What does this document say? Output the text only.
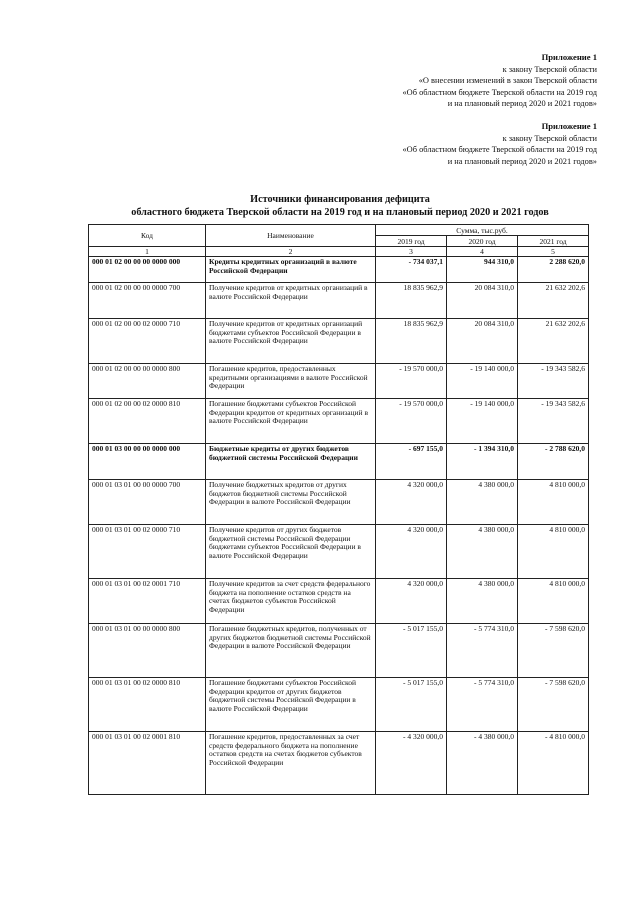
Приложение 1
к закону Тверской области
«О внесении изменений в закон Тверской области
«Об областном бюджете Тверской области на 2019 год
и на плановый период 2020 и 2021 годов»
Приложение 1
к закону Тверской области
«Об областном бюджете Тверской области на 2019 год
и на плановый период 2020 и 2021 годов»
Источники финансирования дефицита
областного бюджета Тверской области на 2019 год и на плановый период 2020 и 2021 годов
Код	Наименование	Сумма, тыс.руб.		
		2019 год	2020 год	2021 год
1	2	3	4	5
000 01 02 00 00 00 0000 000	Кредиты кредитных организаций в валюте Российской Федерации	- 734 037,1	944 310,0	2 288 620,0
000 01 02 00 00 00 0000 700	Получение кредитов от кредитных организаций в валюте Российской Федерации	18 835 962,9	20 084 310,0	21 632 202,6
000 01 02 00 00 02 0000 710	Получение кредитов от кредитных организаций бюджетами субъектов Российской Федерации в валюте Российской Федерации	18 835 962,9	20 084 310,0	21 632 202,6
000 01 02 00 00 00 0000 800	Погашение кредитов, предоставленных кредитными организациями в валюте Российской Федерации	- 19 570 000,0	- 19 140 000,0	- 19 343 582,6
000 01 02 00 00 02 0000 810	Погашение бюджетами субъектов Российской Федерации кредитов от кредитных организаций в валюте Российской Федерации	- 19 570 000,0	- 19 140 000,0	- 19 343 582,6
000 01 03 00 00 00 0000 000	Бюджетные кредиты от других бюджетов бюджетной системы Российской Федерации	- 697 155,0	- 1 394 310,0	- 2 788 620,0
000 01 03 01 00 00 0000 700	Получение бюджетных кредитов от других бюджетов бюджетной системы Российской Федерации в валюте Российской Федерации	4 320 000,0	4 380 000,0	4 810 000,0
000 01 03 01 00 02 0000 710	Получение кредитов от других бюджетов бюджетной системы Российской Федерации бюджетами субъектов Российской Федерации в валюте Российской Федерации	4 320 000,0	4 380 000,0	4 810 000,0
000 01 03 01 00 02 0001 710	Получение кредитов за счет средств федерального бюджета на пополнение остатков средств на счетах бюджетов субъектов Российской Федерации	4 320 000,0	4 380 000,0	4 810 000,0
000 01 03 01 00 00 0000 800	Погашение бюджетных кредитов, полученных от других бюджетов бюджетной системы Российской Федерации в валюте Российской Федерации	- 5 017 155,0	- 5 774 310,0	- 7 598 620,0
000 01 03 01 00 02 0000 810	Погашение бюджетами субъектов Российской Федерации кредитов от других бюджетов бюджетной системы Российской Федерации в валюте Российской Федерации	- 5 017 155,0	- 5 774 310,0	- 7 598 620,0
000 01 03 01 00 02 0001 810	Погашение кредитов, предоставленных за счет средств федерального бюджета на пополнение остатков средств на счетах бюджетов субъектов Российской Федерации	- 4 320 000,0	- 4 380 000,0	- 4 810 000,0
